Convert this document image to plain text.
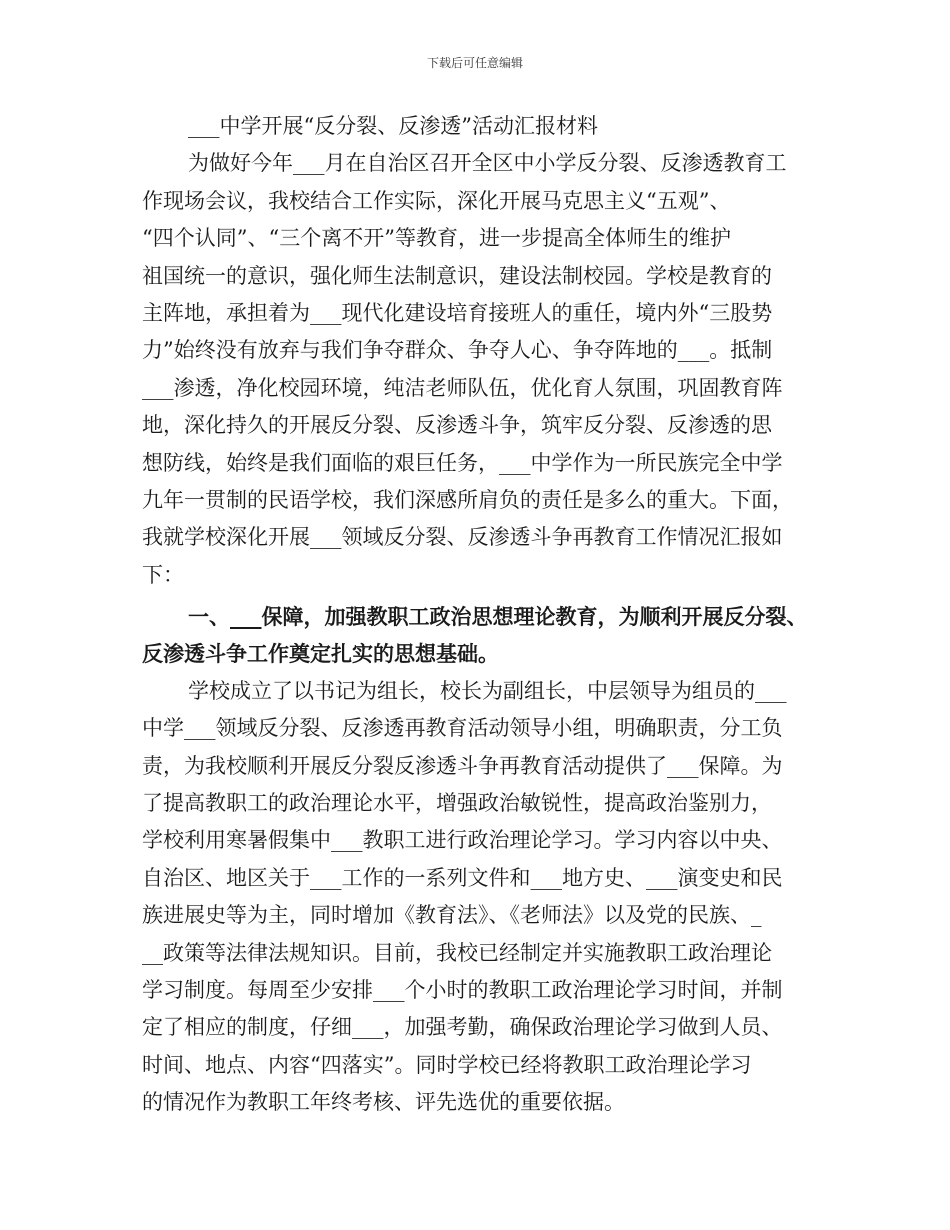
下载后可任意编辑
___中学开展“反分裂、反渗透”活动汇报材料
为做好今年___月在自治区召开全区中小学反分裂、反渗透教育工
作现场会议，我校结合工作实际，深化开展马克思主义“五观”、
“四个认同”、“三个离不开”等教育，进一步提高全体师生的维护
祖国统一的意识，强化师生法制意识，建设法制校园。学校是教育的
主阵地，承担着为___现代化建设培育接班人的重任，境内外“三股势
力”始终没有放弃与我们争夺群众、争夺人心、争夺阵地的___。抵制
___渗透，净化校园环境，纯洁老师队伍，优化育人氛围，巩固教育阵
地，深化持久的开展反分裂、反渗透斗争，筑牢反分裂、反渗透的思
想防线，始终是我们面临的艰巨任务，___中学作为一所民族完全中学
九年一贯制的民语学校，我们深感所肩负的责任是多么的重大。下面，
我就学校深化开展___领域反分裂、反渗透斗争再教育工作情况汇报如
下：
一、___保障，加强教职工政治思想理论教育，为顺利开展反分裂、
反渗透斗争工作奠定扎实的思想基础。
学校成立了以书记为组长，校长为副组长，中层领导为组员的___
中学___领域反分裂、反渗透再教育活动领导小组，明确职责，分工负
责，为我校顺利开展反分裂反渗透斗争再教育活动提供了___保障。为
了提高教职工的政治理论水平，增强政治敏锐性，提高政治鉴别力，
学校利用寒暑假集中___教职工进行政治理论学习。学习内容以中央、
自治区、地区关于___工作的一系列文件和___地方史、___演变史和民
族进展史等为主，同时增加《教育法》、《老师法》以及党的民族、_
__政策等法律法规知识。目前，我校已经制定并实施教职工政治理论
学习制度。每周至少安排___个小时的教职工政治理论学习时间，并制
定了相应的制度，仔细___，加强考勤，确保政治理论学习做到人员、
时间、地点、内容“四落实”。同时学校已经将教职工政治理论学习
的情况作为教职工年终考核、评先选优的重要依据。
